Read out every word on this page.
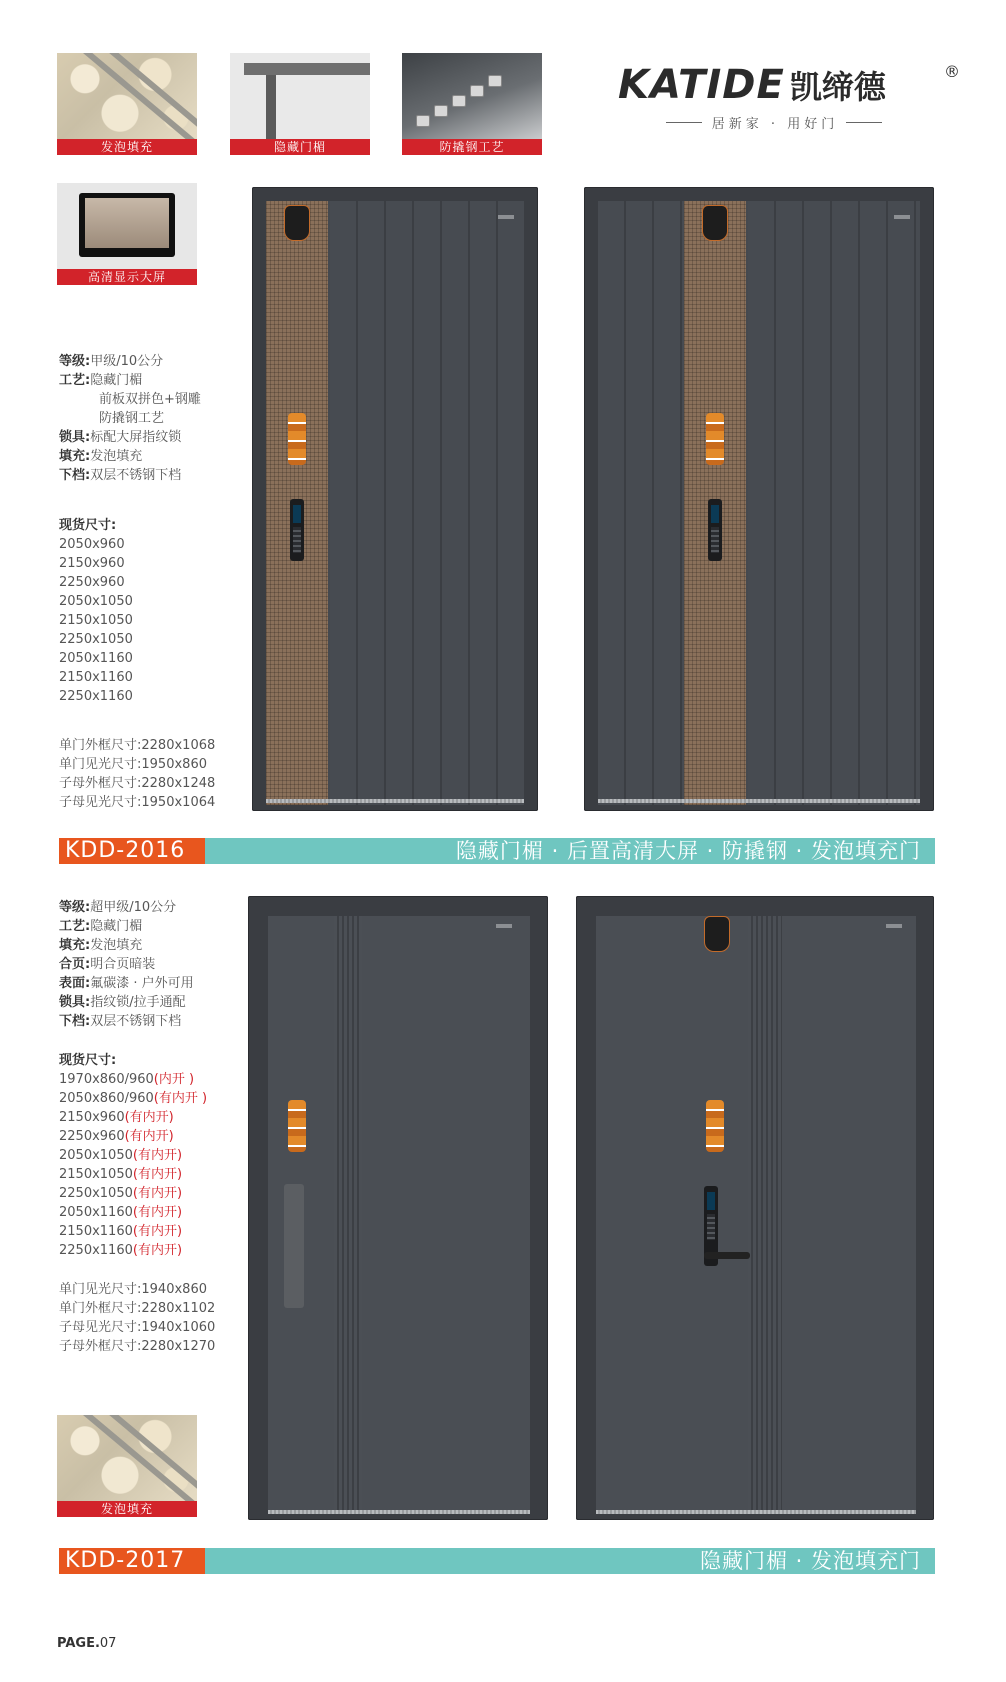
发泡填充	隐藏门楣	防撬钢工艺
高清显示大屏
KATIDE 凯缔德	®
居新家 · 用好门
等级:甲级/10公分
工艺:隐藏门楣
前板双拼色+钢雕
防撬钢工艺
锁具:标配大屏指纹锁
填充:发泡填充
下档:双层不锈钢下档
现货尺寸:
2050x960
2150x960
2250x960
2050x1050
2150x1050
2250x1050
2050x1160
2150x1160
2250x1160
单门外框尺寸:2280x1068
单门见光尺寸:1950x860
子母外框尺寸:2280x1248
子母见光尺寸:1950x1064
KDD-2016	隐藏门楣 · 后置高清大屏 · 防撬钢 · 发泡填充门
等级:超甲级/10公分
工艺:隐藏门楣
填充:发泡填充
合页:明合页暗装
表面:氟碳漆 · 户外可用
锁具:指纹锁/拉手通配
下档:双层不锈钢下档
现货尺寸:
1970x860/960(内开 )
2050x860/960(有内开 )
2150x960(有内开)
2250x960(有内开)
2050x1050(有内开)
2150x1050(有内开)
2250x1050(有内开)
2050x1160(有内开)
2150x1160(有内开)
2250x1160(有内开)
单门见光尺寸:1940x860
单门外框尺寸:2280x1102
子母见光尺寸:1940x1060
子母外框尺寸:2280x1270
发泡填充
KDD-2017	隐藏门楣 · 发泡填充门
PAGE.07
